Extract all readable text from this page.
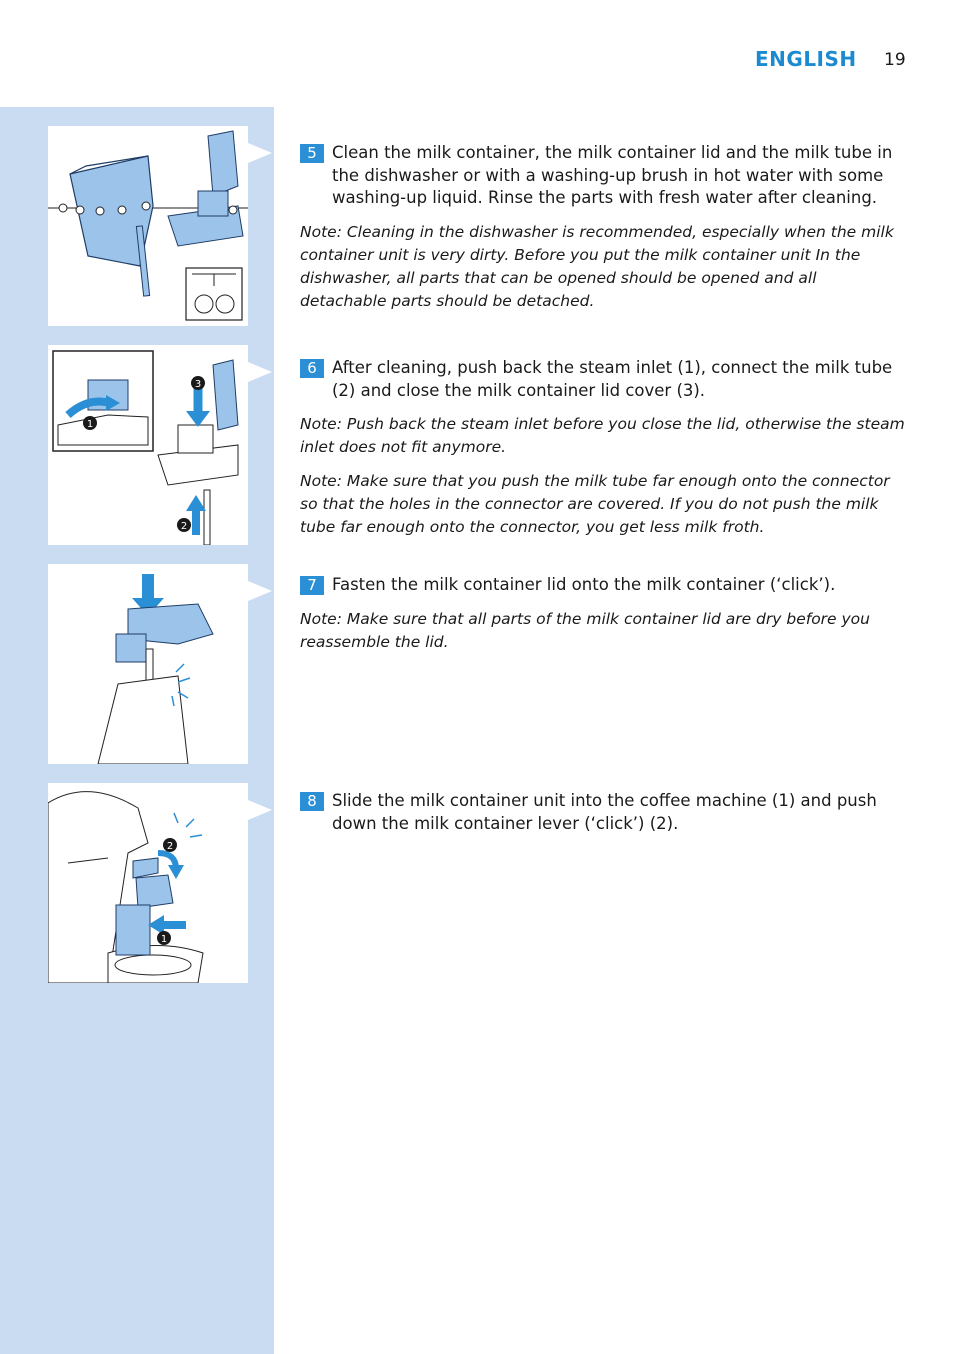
ENGLISH 19
1
3
2
1
2
5 Clean the milk container, the milk container lid and the milk tube in the dishwasher or with a washing-up brush in hot water with some washing-up liquid. Rinse the parts with fresh water after cleaning.
Note: Cleaning in the dishwasher is recommended, especially when the milk container unit is very dirty. Before you put the milk container unit In the dishwasher, all parts that can be opened should be opened and all detachable parts should be detached.
6 After cleaning, push back the steam inlet (1), connect the milk tube (2) and close the milk container lid cover (3).
Note: Push back the steam inlet before you close the lid, otherwise the steam inlet does not fit anymore.
Note: Make sure that you push the milk tube far enough onto the connector so that the holes in the connector are covered. If you do not push the milk tube far enough onto the connector, you get less milk froth.
7 Fasten the milk container lid onto the milk container (‘click’).
Note: Make sure that all parts of the milk container lid are dry before you reassemble the lid.
8 Slide the milk container unit into the coffee machine (1) and push down the milk container lever (‘click’) (2).
